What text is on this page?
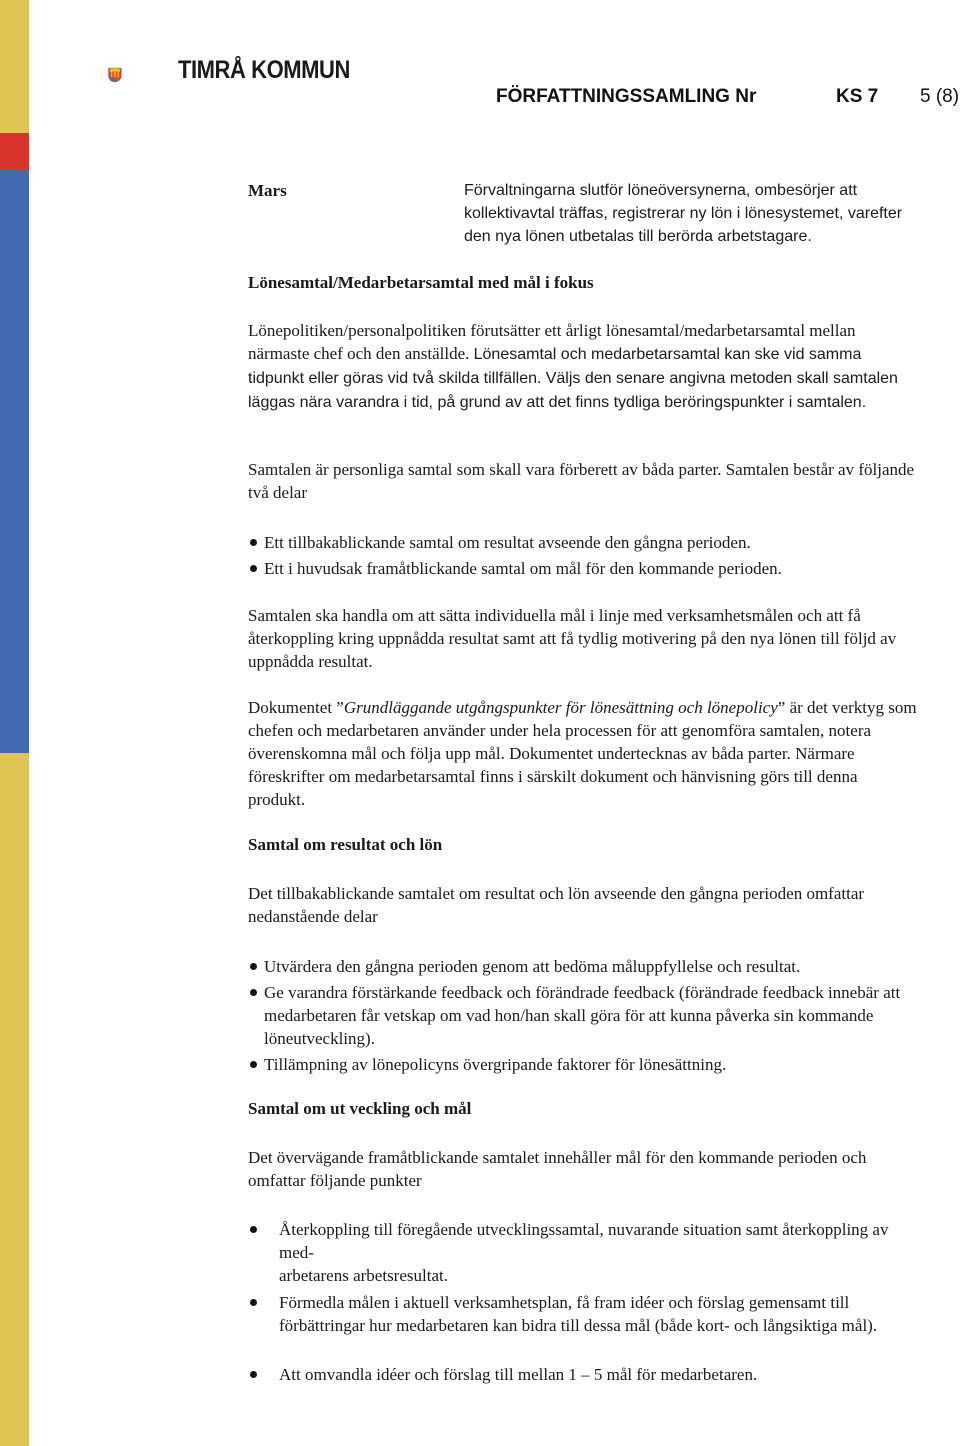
TIMRÅ KOMMUN
FÖRFATTNINGSSAMLING Nr	KS 7 5 (8)

Mars	Förvaltningarna slutför löneöversynerna, ombesörjer att kollektivavtal träffas, registrerar ny lön i lönesystemet, varefter den nya lönen utbetalas till berörda arbetstagare.

Lönesamtal/Medarbetarsamtal med mål i fokus

Lönepolitiken/personalpolitiken förutsätter ett årligt lönesamtal/medarbetarsamtal mellan närmaste chef och den anställde. Lönesamtal och medarbetarsamtal kan ske vid samma tidpunkt eller göras vid två skilda tillfällen. Väljs den senare angivna metoden skall samtalen läggas nära varandra i tid, på grund av att det finns tydliga beröringspunkter i samtalen.

Samtalen är personliga samtal som skall vara förberett av båda parter. Samtalen består av följande två delar

Ett tillbakablickande samtal om resultat avseende den gångna perioden.

Ett i huvudsak framåtblickande samtal om mål för den kommande perioden.

Samtalen ska handla om att sätta individuella mål i linje med verksamhetsmålen och att få återkoppling kring uppnådda resultat samt att få tydlig motivering på den nya lönen till följd av uppnådda resultat.

Dokumentet ”Grundläggande utgångspunkter för lönesättning och lönepolicy” är det verktyg som chefen och medarbetaren använder under hela processen för att genomföra samtalen, notera överenskomna mål och följa upp mål. Dokumentet undertecknas av båda parter. Närmare föreskrifter om medarbetarsamtal finns i särskilt dokument och hänvisning görs till denna produkt.

Samtal om resultat och lön

Det tillbakablickande samtalet om resultat och lön avseende den gångna perioden omfattar nedanstående delar

Utvärdera den gångna perioden genom att bedöma måluppfyllelse och resultat.

Ge varandra förstärkande feedback och förändrade feedback (förändrade feedback innebär att medarbetaren får vetskap om vad hon/han skall göra för att kunna påverka sin kommande löneutveckling).

Tillämpning av lönepolicyns övergripande faktorer för lönesättning.

Samtal om ut veckling och mål

Det övervägande framåtblickande samtalet innehåller mål för den kommande perioden och omfattar följande punkter

Återkoppling till föregående utvecklingssamtal, nuvarande situation samt återkoppling av med-

arbetarens arbetsresultat.

Förmedla målen i aktuell verksamhetsplan, få fram idéer och förslag gemensamt till förbättringar hur medarbetaren kan bidra till dessa mål (både kort- och långsiktiga mål).

Att omvandla idéer och förslag till mellan 1 – 5 mål för medarbetaren.
